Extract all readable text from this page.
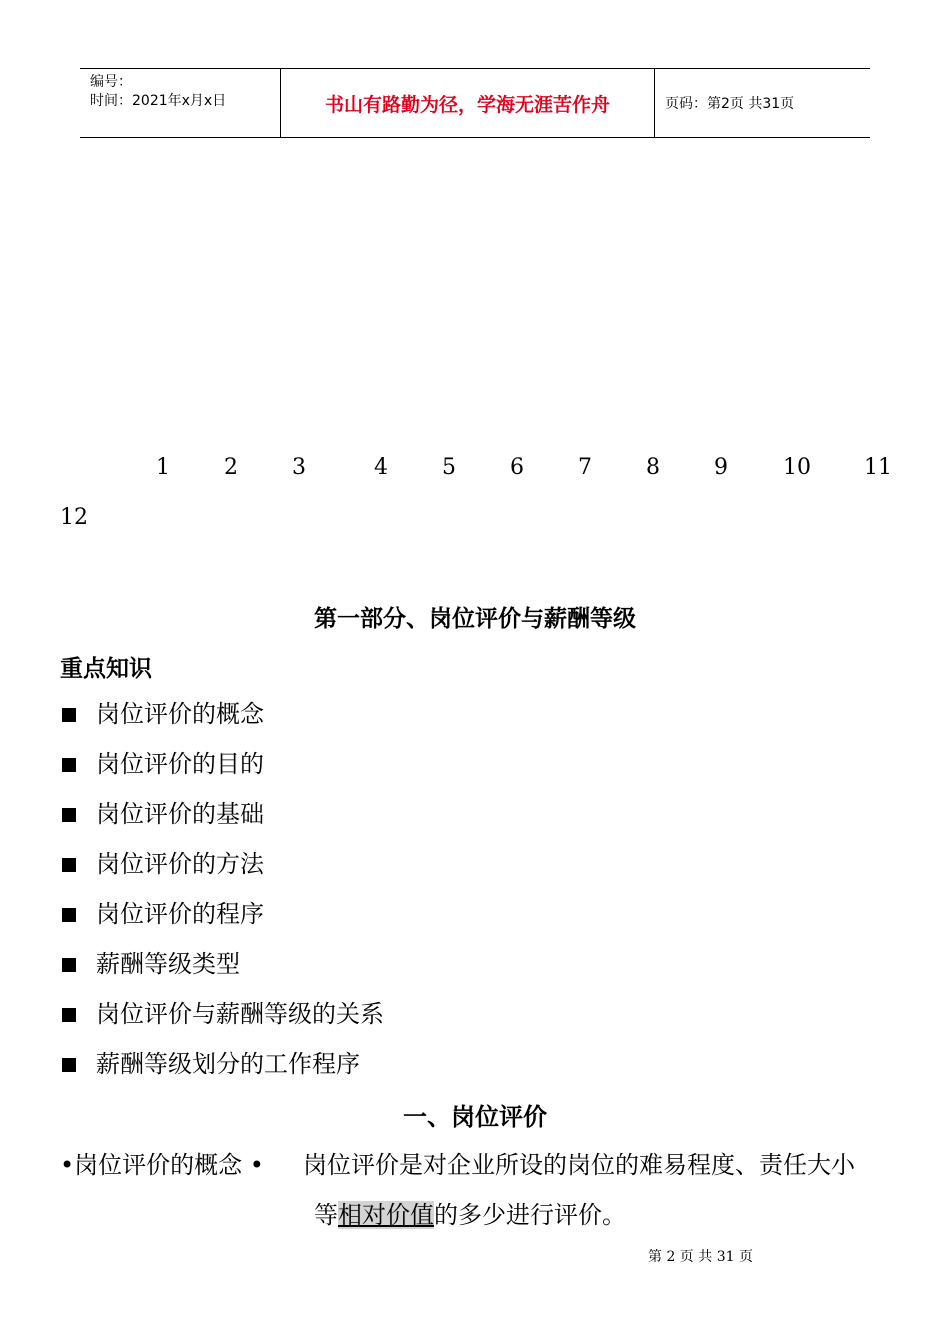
编号：
时间：2021年x月x日	书山有路勤为径，学海无涯苦作舟	页码：第2页 共31页
1 2 3	4 5 6 7 8 9	10 11
12
第一部分、岗位评价与薪酬等级
重点知识
岗位评价的概念
岗位评价的目的
岗位评价的基础
岗位评价的方法
岗位评价的程序
薪酬等级类型
岗位评价与薪酬等级的关系
薪酬等级划分的工作程序
一、岗位评价
•岗位评价的概念 • 岗位评价是对企业所设的岗位的难易程度、责任大小
等相对价值的多少进行评价。
第 2 页 共 31 页
